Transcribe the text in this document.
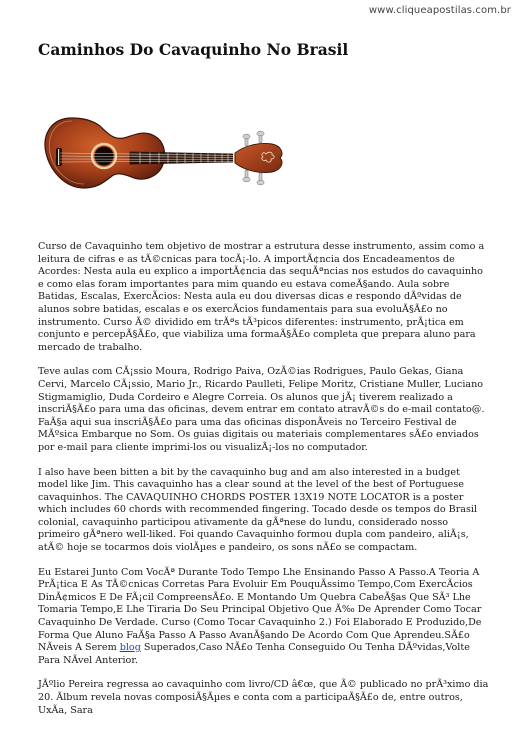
www.cliqueapostilas.com.br
Caminhos Do Cavaquinho No Brasil

Curso de Cavaquinho tem objetivo de mostrar a estrutura desse instrumento, assim como a leitura de cifras e as tÃ©cnicas para tocÃ¡-lo. A importÃ¢ncia dos Encadeamentos de Acordes: Nesta aula eu explico a importÃ¢ncia das sequÃªncias nos estudos do cavaquinho e como elas foram importantes para mim quando eu estava comeÃ§ando. Aula sobre Batidas, Escalas, ExercÃcios: Nesta aula eu dou diversas dicas e respondo dÃºvidas de alunos sobre batidas, escalas e os exercÃcios fundamentais para sua evoluÃ§Ã£o no instrumento. Curso Ã© dividido em trÃªs tÃ³picos diferentes: instrumento, prÃ¡tica em conjunto e percepÃ§Ã£o, que viabiliza uma formaÃ§Ã£o completa que prepara aluno para mercado de trabalho.

Teve aulas com CÃ¡ssio Moura, Rodrigo Paiva, OzÃ©ias Rodrigues, Paulo Gekas, Giana Cervi, Marcelo CÃ¡ssio, Mario Jr., Ricardo Paulleti, Felipe Moritz, Cristiane Muller, Luciano Stigmamiglio, Duda Cordeiro e Alegre Correia. Os alunos que jÃ¡ tiverem realizado a inscriÃ§Ã£o para uma das oficinas, devem entrar em contato atravÃ©s do e-mail contato@. FaÃ§a aqui sua inscriÃ§Ã£o para uma das oficinas disponÃveis no Terceiro Festival de MÃºsica Embarque no Som. Os guias digitais ou materiais complementares sÃ£o enviados por e-mail para cliente imprimi-los ou visualizÃ¡-los no computador.

I also have been bitten a bit by the cavaquinho bug and am also interested in a budget model like Jim. This cavaquinho has a clear sound at the level of the best of Portuguese cavaquinhos. The CAVAQUINHO CHORDS POSTER 13X19 NOTE LOCATOR is a poster which includes 60 chords with recommended fingering. Tocado desde os tempos do Brasil colonial, cavaquinho participou ativamente da gÃªnese do lundu, considerado nosso primeiro gÃªnero well-liked. Foi quando Cavaquinho formou dupla com pandeiro, aliÃ¡s, atÃ© hoje se tocarmos dois violÃµes e pandeiro, os sons nÃ£o se compactam.

Eu Estarei Junto Com VocÃª Durante Todo Tempo Lhe Ensinando Passo A Passo.A Teoria A PrÃ¡tica E As TÃ©cnicas Corretas Para Evoluir Em PouquÃssimo Tempo,Com ExercÃcios DinÃ¢micos E De FÃ¡cil CompreensÃ£o. E Montando Um Quebra CabeÃ§as Que SÃ³ Lhe Tomaria Tempo,E Lhe Tiraria Do Seu Principal Objetivo Que Ã‰ De Aprender Como Tocar Cavaquinho De Verdade. Curso (Como Tocar Cavaquinho 2.) Foi Elaborado E Produzido,De Forma Que Aluno FaÃ§a Passo A Passo AvanÃ§ando De Acordo Com Que Aprendeu.SÃ£o NÃveis A Serem blog Superados,Caso NÃ£o Tenha Conseguido Ou Tenha DÃºvidas,Volte Para NÃvel Anterior.

JÃºlio Pereira regressa ao cavaquinho com livro/CD â€œ, que Ã© publicado no prÃ³ximo dia 20. Ãlbum revela novas composiÃ§Ãµes e conta com a participaÃ§Ã£o de, entre outros, UxÃa, Sara
